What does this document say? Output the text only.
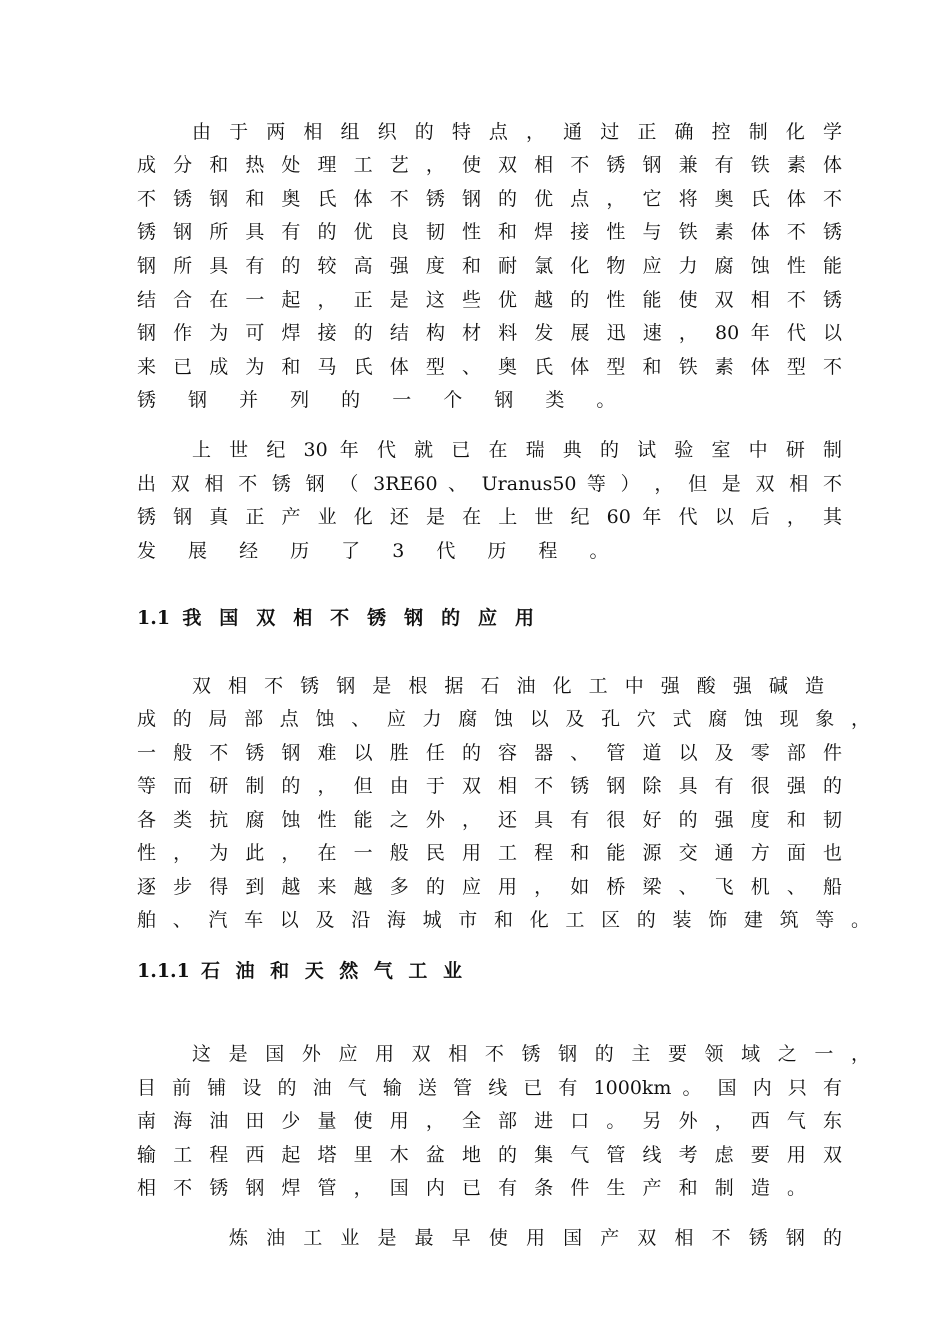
由 于 两 相 组 织 的 特 点 ， 通 过 正 确 控 制 化 学
成 分 和 热 处 理 工 艺 ， 使 双 相 不 锈 钢 兼 有 铁 素 体
不 锈 钢 和 奥 氏 体 不 锈 钢 的 优 点 ， 它 将 奥 氏 体 不
锈 钢 所 具 有 的 优 良 韧 性 和 焊 接 性 与 铁 素 体 不 锈
钢 所 具 有 的 较 高 强 度 和 耐 氯 化 物 应 力 腐 蚀 性 能
结 合 在 一 起 ， 正 是 这 些 优 越 的 性 能 使 双 相 不 锈
钢 作 为 可 焊 接 的 结 构 材 料 发 展 迅 速 ， 80 年 代 以
来 已 成 为 和 马 氏 体 型 、 奥 氏 体 型 和 铁 素 体 型 不
锈 钢 并 列 的 一 个 钢 类 。
上 世 纪 30 年 代 就 已 在 瑞 典 的 试 验 室 中 研 制
出 双 相 不 锈 钢 （ 3RE60 、 Uranus50 等 ） ， 但 是 双 相 不
锈 钢 真 正 产 业 化 还 是 在 上 世 纪 60 年 代 以 后 ， 其
发 展 经 历 了 3 代 历 程 。
1.1 我 国 双 相 不 锈 钢 的 应 用
双 相 不 锈 钢 是 根 据 石 油 化 工 中 强 酸 强 碱 造
成 的 局 部 点 蚀 、 应 力 腐 蚀 以 及 孔 穴 式 腐 蚀 现 象 ，
一 般 不 锈 钢 难 以 胜 任 的 容 器 、 管 道 以 及 零 部 件
等 而 研 制 的 ， 但 由 于 双 相 不 锈 钢 除 具 有 很 强 的
各 类 抗 腐 蚀 性 能 之 外 ， 还 具 有 很 好 的 强 度 和 韧
性 ， 为 此 ， 在 一 般 民 用 工 程 和 能 源 交 通 方 面 也
逐 步 得 到 越 来 越 多 的 应 用 ， 如 桥 梁 、 飞 机 、 船
舶 、 汽 车 以 及 沿 海 城 市 和 化 工 区 的 装 饰 建 筑 等 。
1.1.1 石 油 和 天 然 气 工 业
这 是 国 外 应 用 双 相 不 锈 钢 的 主 要 领 域 之 一 ，
目 前 铺 设 的 油 气 输 送 管 线 已 有 1000km 。 国 内 只 有
南 海 油 田 少 量 使 用 ， 全 部 进 口 。 另 外 ， 西 气 东
输 工 程 西 起 塔 里 木 盆 地 的 集 气 管 线 考 虑 要 用 双
相 不 锈 钢 焊 管 ， 国 内 已 有 条 件 生 产 和 制 造 。
炼 油 工 业 是 最 早 使 用 国 产 双 相 不 锈 钢 的
